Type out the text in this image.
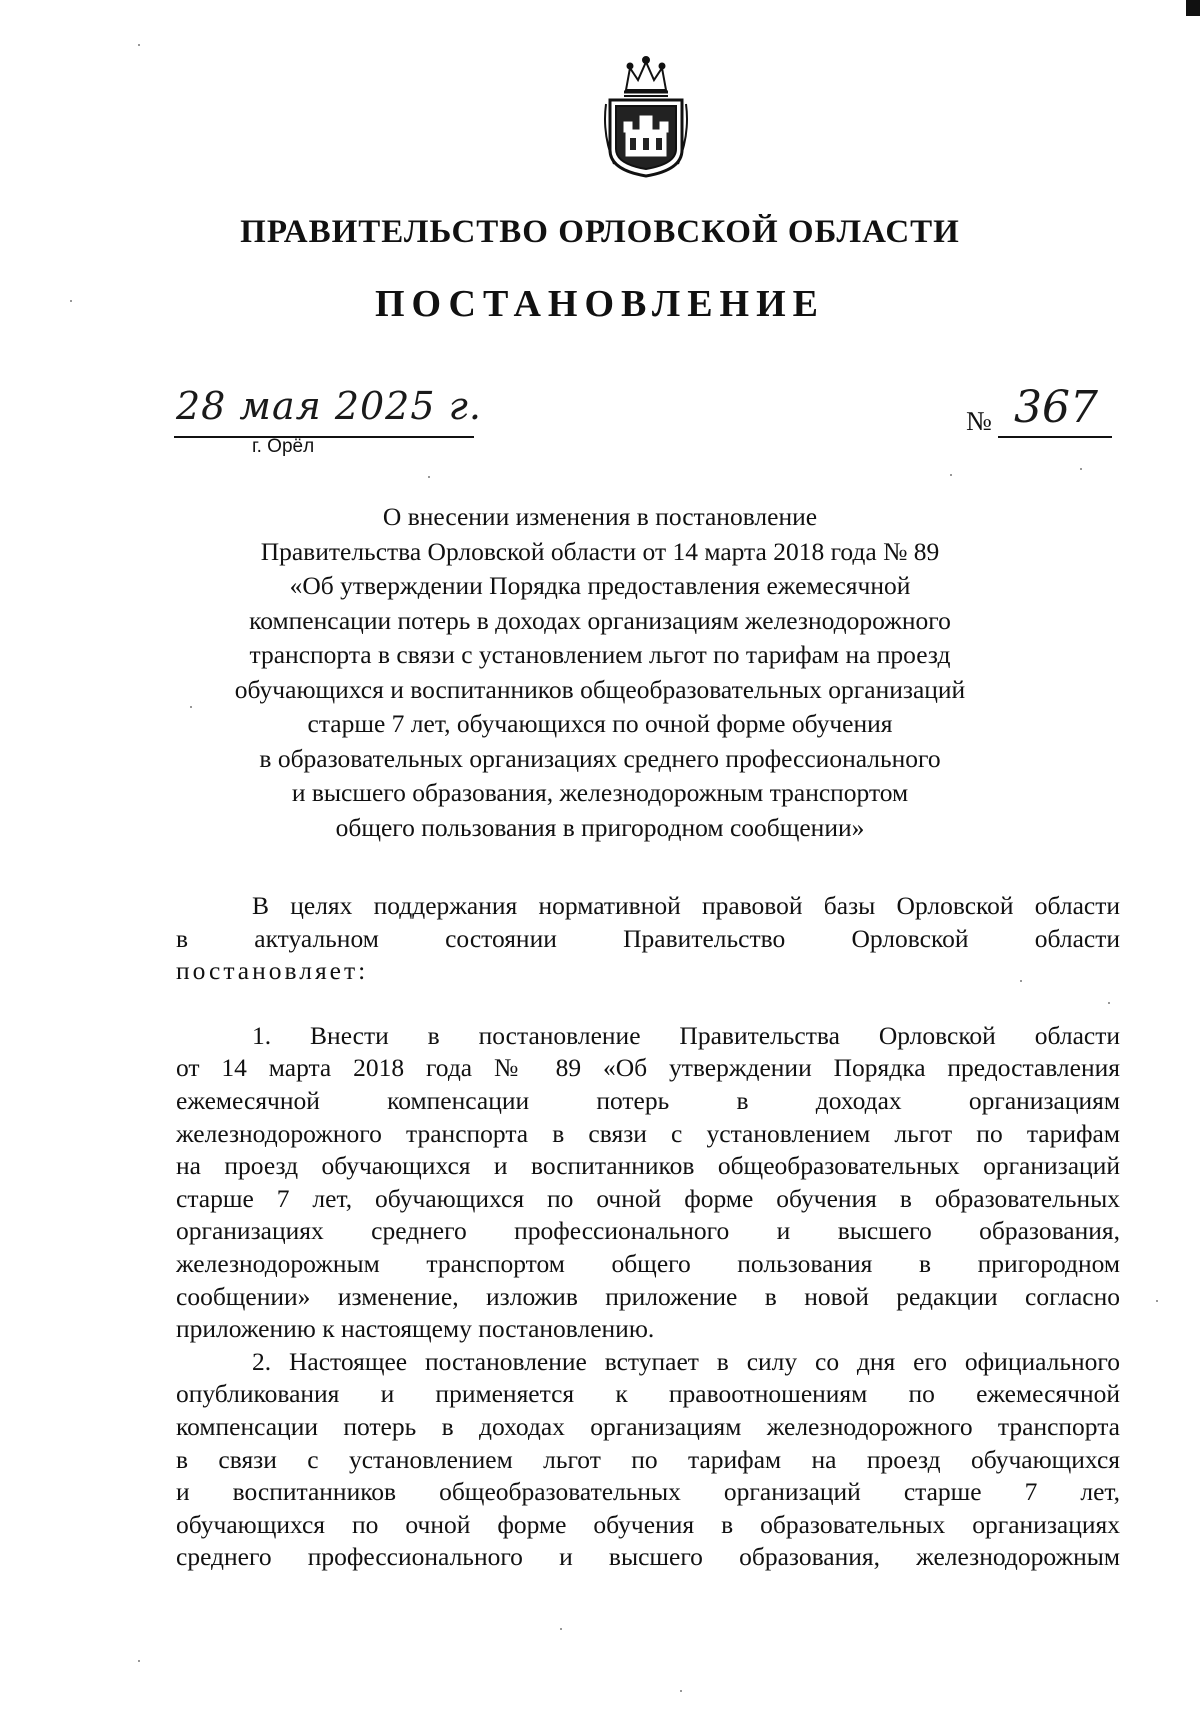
ПРАВИТЕЛЬСТВО ОРЛОВСКОЙ ОБЛАСТИ
ПОСТАНОВЛЕНИЕ
28 мая 2025 г.
г. Орёл
№ 367
О внесении изменения в постановление
Правительства Орловской области от 14 марта 2018 года № 89
«Об утверждении Порядка предоставления ежемесячной
компенсации потерь в доходах организациям железнодорожного
транспорта в связи с установлением льгот по тарифам на проезд
обучающихся и воспитанников общеобразовательных организаций
старше 7 лет, обучающихся по очной форме обучения
в образовательных организациях среднего профессионального
и высшего образования, железнодорожным транспортом
общего пользования в пригородном сообщении»
В целях поддержания нормативной правовой базы Орловской области
в актуальном состоянии Правительство Орловской области
постановляет:
1. Внести в постановление Правительства Орловской области
от 14 марта 2018 года № 89 «Об утверждении Порядка предоставления
ежемесячной компенсации потерь в доходах организациям
железнодорожного транспорта в связи с установлением льгот по тарифам
на проезд обучающихся и воспитанников общеобразовательных организаций
старше 7 лет, обучающихся по очной форме обучения в образовательных
организациях среднего профессионального и высшего образования,
железнодорожным транспортом общего пользования в пригородном
сообщении» изменение, изложив приложение в новой редакции согласно
приложению к настоящему постановлению.
2. Настоящее постановление вступает в силу со дня его официального
опубликования и применяется к правоотношениям по ежемесячной
компенсации потерь в доходах организациям железнодорожного транспорта
в связи с установлением льгот по тарифам на проезд обучающихся
и воспитанников общеобразовательных организаций старше 7 лет,
обучающихся по очной форме обучения в образовательных организациях
среднего профессионального и высшего образования, железнодорожным
